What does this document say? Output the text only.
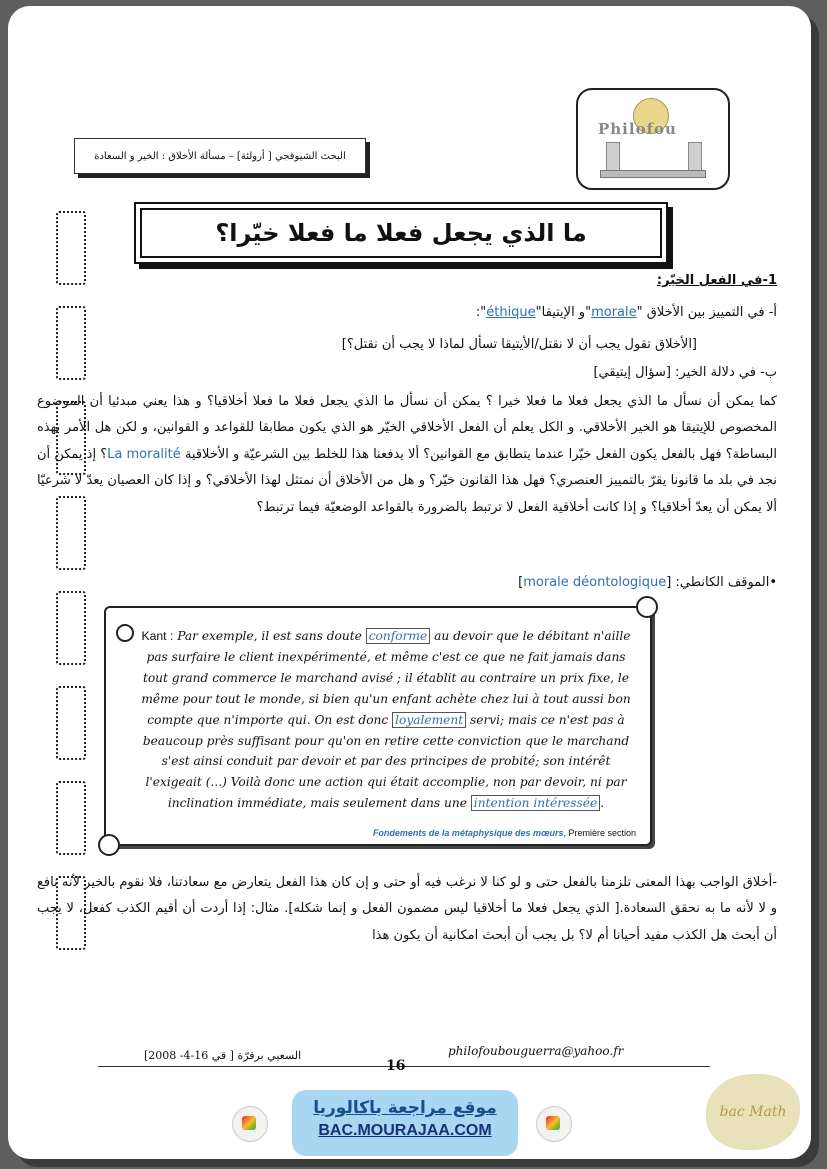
Philofou
البحث الشيوقجي [ أرولئة] – مسألة الأخلاق : الخير و السعادة
ما الذي يجعل فعلا ما فعلا خيّرا؟
1-في الفعل الخيّر:
أ- في التمييز بين الأخلاق "morale"و الإيتيقا"éthique":
[الأخلاق تقول يجب أن لا نقتل/الأيتيقا تسأل لماذا لا يجب أن نقتل؟]
ب- في دلالة الخير: [سؤال إيتيقي]
كما يمكن أن نسأل ما الذي يجعل فعلا ما فعلا خيرا ؟ يمكن أن نسأل ما الذي يجعل فعلا ما فعلا أخلاقيا؟ و هذا يعني مبدئيا أن الموضوع المخصوص للإيتيقا هو الخير الأخلاقي. و الكل يعلم أن الفعل الأخلاقي الخيّر هو الذي يكون مطابقا للقواعد و القوانين، و لكن هل الأمر بهذه البساطة؟ فهل بالفعل يكون الفعل خيّرا عندما يتطابق مع القوانين؟ ألا يدفعنا هذا للخلط بين الشرعيّة و الأخلاقية La moralité؟ إذ يمكن أن نجد في بلد ما قانونا يقرّ بالتمييز العنصري؟ فهل هذا القانون خيّر؟ و هل من الأخلاق أن نمتثل لهذا الأخلاقي؟ و إذا كان العصيان يعدّ لا شرعيّا ألا يمكن أن يعدّ أخلاقيا؟ و إذا كانت أخلاقية الفعل لا ترتبط بالضرورة بالقواعد الوضعيّة فيما ترتبط؟
•الموقف الكانطي: [morale déontologique]
Kant : Par exemple, il est sans doute conforme au devoir que le débitant n'aille pas surfaire le client inexpérimenté, et même c'est ce que ne fait jamais dans tout grand commerce le marchand avisé ; il établit au contraire un prix fixe, le même pour tout le monde, si bien qu'un enfant achète chez lui à tout aussi bon compte que n'importe qui. On est donc loyalement servi; mais ce n'est pas à beaucoup près suffisant pour qu'on en retire cette conviction que le marchand s'est ainsi conduit par devoir et par des principes de probité; son intérêt l'exigeait (...) Voilà donc une action qui était accomplie, non par devoir, ni par inclination immédiate, mais seulement dans une intention intéressée .
Fondements de la métaphysique des mœurs, Première section
-أخلاق الواجب بهذا المعنى تلزمنا بالفعل حتى و لو كنا لا نرغب فيه أو حتى و إن كان هذا الفعل يتعارض مع سعادتنا، فلا نقوم بالخير لأنه نافع و لا لأنه ما به نحقق السعادة.[ الذي يجعل فعلا ما أخلاقيا ليس مضمون الفعل و إنما شكله]. مثال: إذا أردت أن أقيم الكذب كفعل، لا يجب أن أبحث هل الكذب مفيد أحيانا أم لا؟ بل يجب أن أبحث امكانية أن يكون هذا
السعيي برقرّة [ قي 16-4- 2008]
16
philofoubouguerra@yahoo.fr
موقع مراجعة باكالوريا
BAC.MOURAJAA.COM
bac Math
